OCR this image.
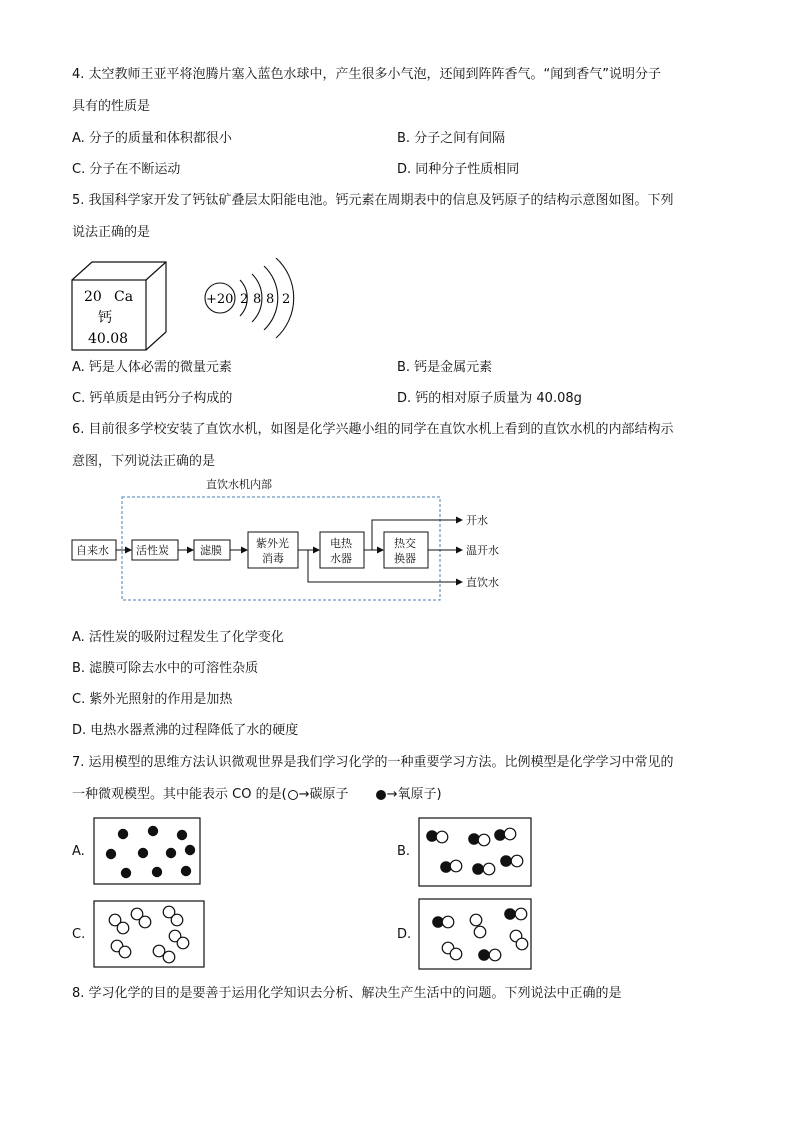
4. 太空教师王亚平将泡腾片塞入蓝色水球中，产生很多小气泡，还闻到阵阵香气。“闻到香气”说明分子
具有的性质是
A. 分子的质量和体积都很小	B. 分子之间有间隔
C. 分子在不断运动	D. 同种分子性质相同
5. 我国科学家开发了钙钛矿叠层太阳能电池。钙元素在周期表中的信息及钙原子的结构示意图如图。下列
说法正确的是
20 Ca
钙
40.08
+20 2 8 8 2
A. 钙是人体必需的微量元素	B. 钙是金属元素
C. 钙单质是由钙分子构成的	D. 钙的相对原子质量为 40.08g
6. 目前很多学校安装了直饮水机，如图是化学兴趣小组的同学在直饮水机上看到的直饮水机的内部结构示
意图，下列说法正确的是
直饮水机内部
自来水 活性炭	滤膜
紫外光
消毒
电热
水器
热交
换器
开水
温开水
直饮水
A. 活性炭的吸附过程发生了化学变化
B. 滤膜可除去水中的可溶性杂质
C. 紫外光照射的作用是加热
D. 电热水器煮沸的过程降低了水的硬度
7. 运用模型的思维方法认识微观世界是我们学习化学的一种重要学习方法。比例模型是化学学习中常见的
一种微观模型。其中能表示 CO 的是( →碳原子	→氧原子)
A.	B.
C.	D.
8. 学习化学的目的是要善于运用化学知识去分析、解决生产生活中的问题。下列说法中正确的是
